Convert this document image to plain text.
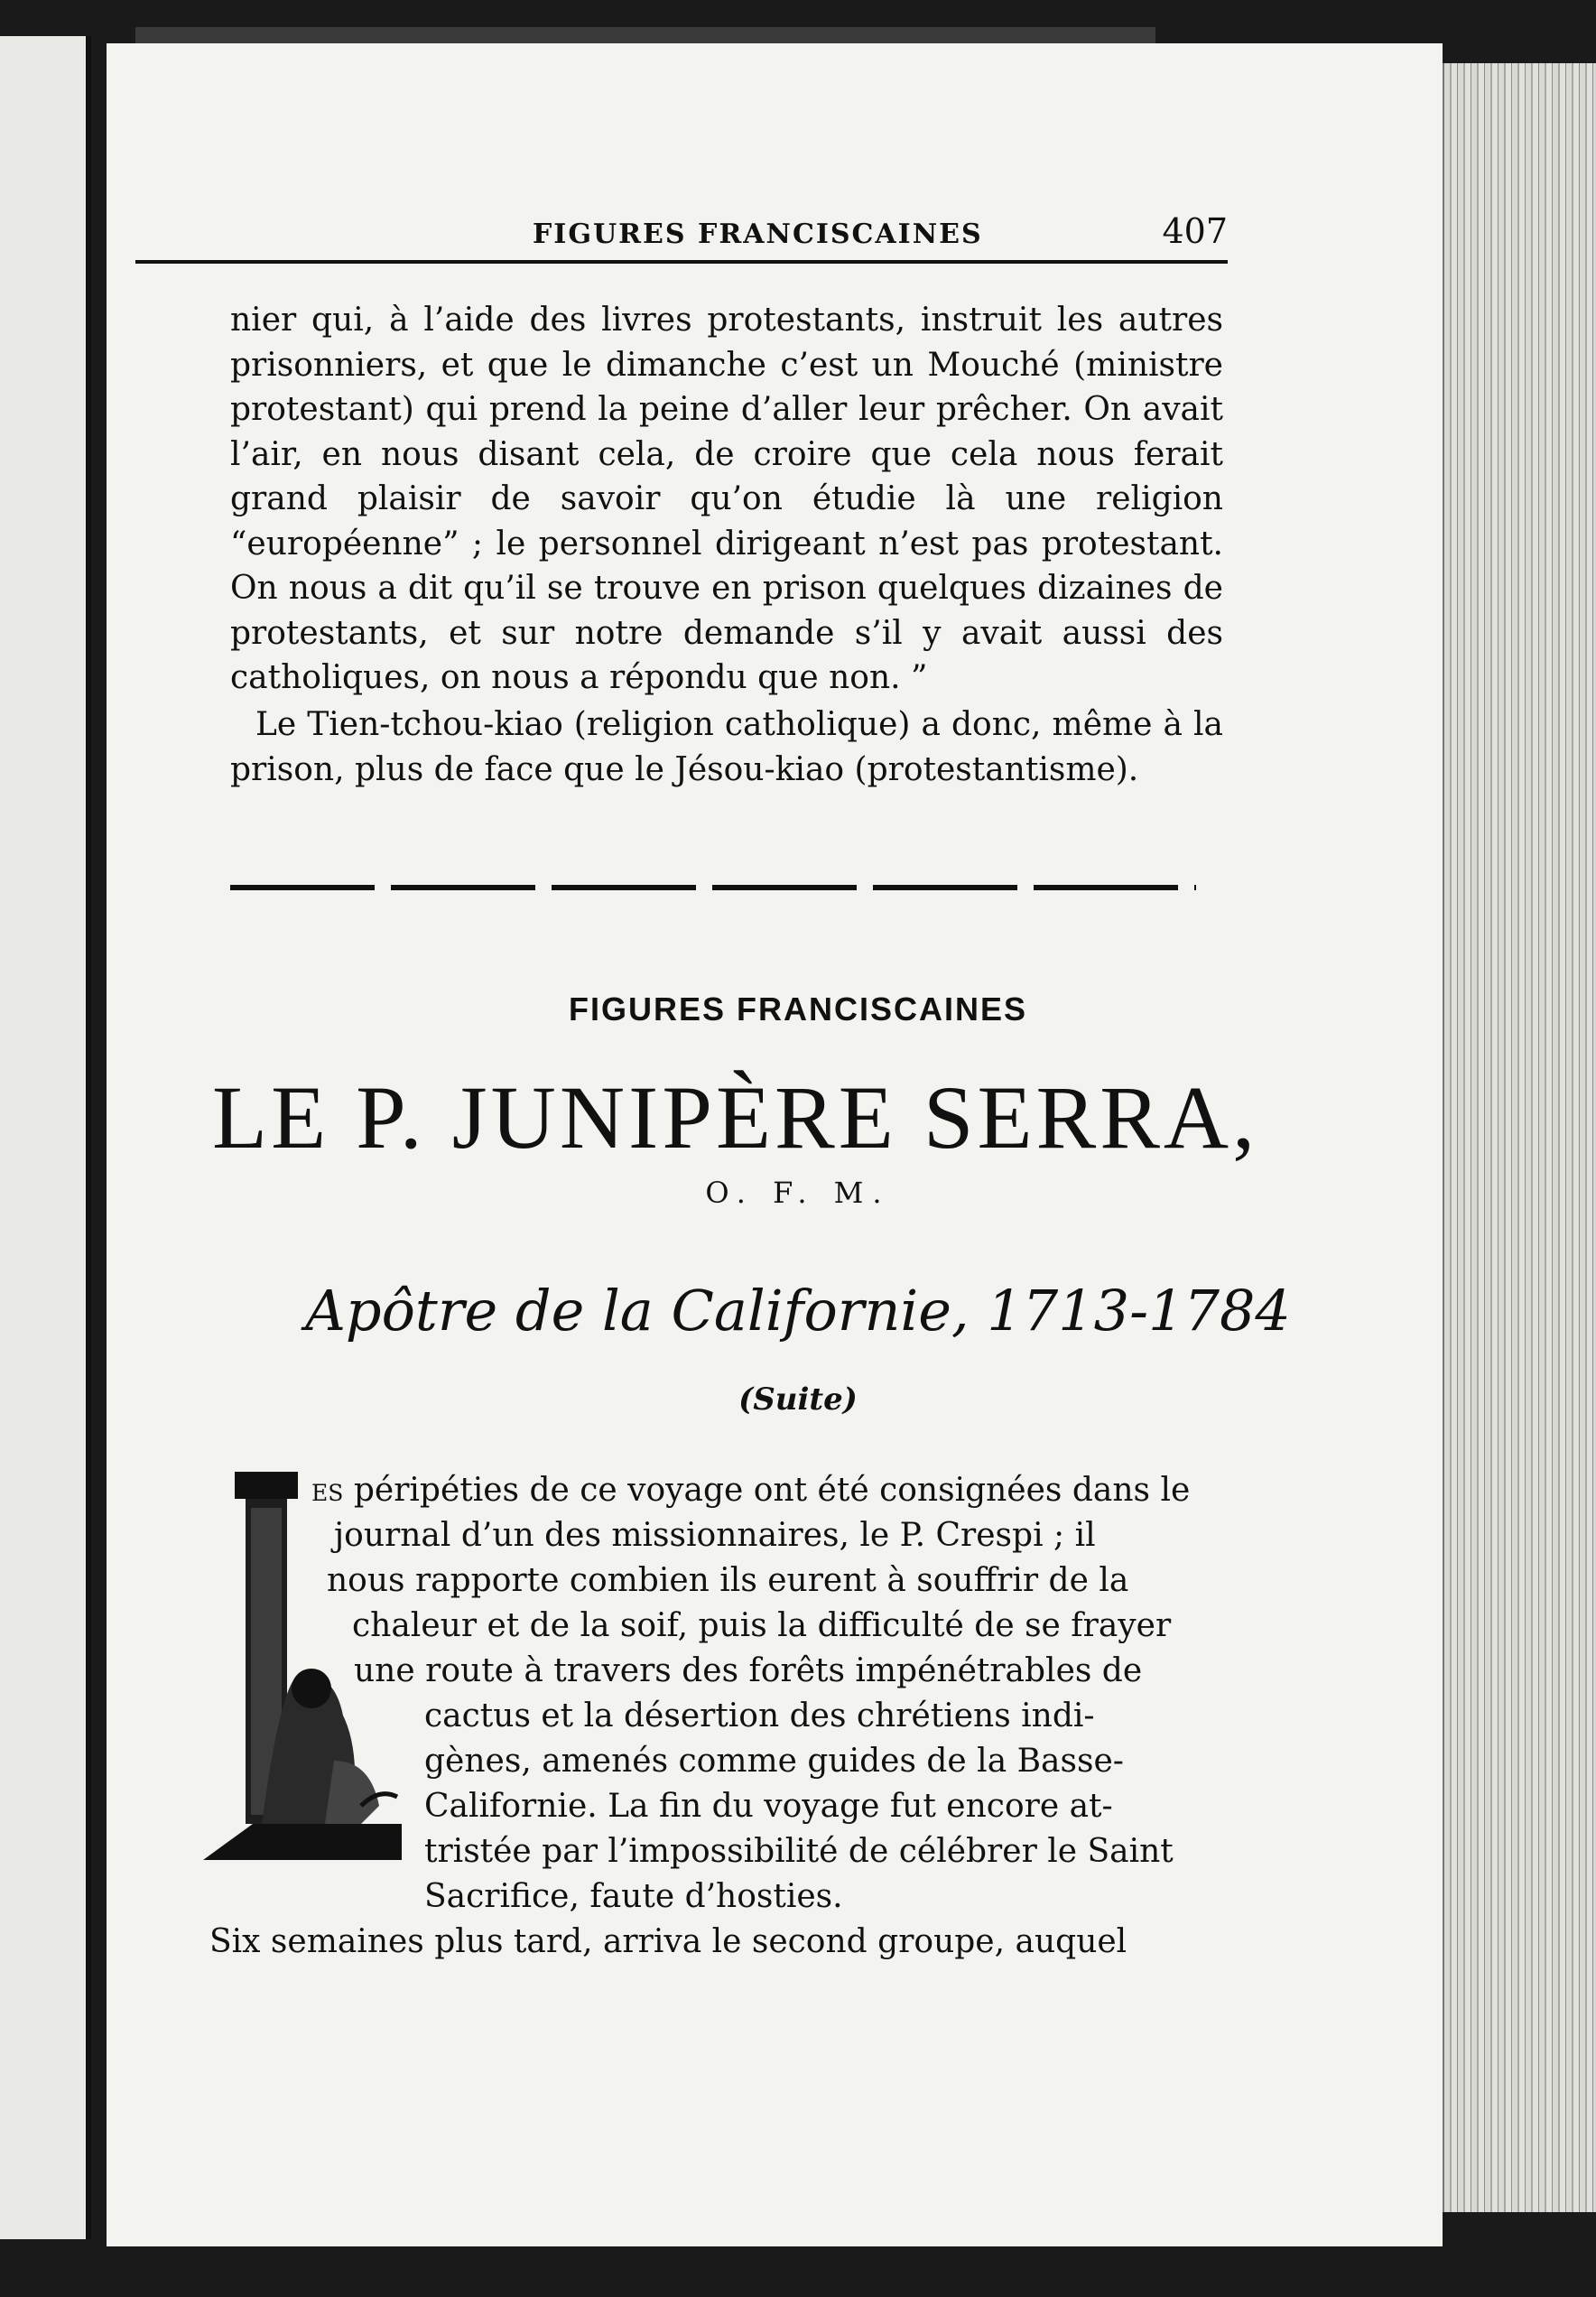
FIGURES FRANCISCAINES	407

nier qui, à l’aide des livres protestants, instruit les autres prisonniers, et que le dimanche c’est un Mouché (ministre protestant) qui prend la peine d’aller leur prêcher. On avait l’air, en nous disant cela, de croire que cela nous ferait grand plaisir de savoir qu’on étudie là une religion “européenne” ; le personnel dirigeant n’est pas protestant. On nous a dit qu’il se trouve en prison quelques dizaines de protestants, et sur notre demande s’il y avait aussi des catholiques, on nous a répondu que non. ”

Le Tien-tchou-kiao (religion catholique) a donc, même à la prison, plus de face que le Jésou-kiao (protestantisme).

FIGURES FRANCISCAINES
LE P. JUNIPÈRE SERRA,
O. F. M.
Apôtre de la Californie, 1713-1784
(Suite)
es péripéties de ce voyage ont été consignées dans le
journal d’un des missionnaires, le P. Crespi ; il
nous rapporte combien ils eurent à souffrir de la
chaleur et de la soif, puis la difficulté de se frayer
une route à travers des forêts impénétrables de
cactus et la désertion des chrétiens indi-
gènes, amenés comme guides de la Basse-
Californie. La fin du voyage fut encore at-
tristée par l’impossibilité de célébrer le Saint
Sacrifice, faute d’hosties.
Six semaines plus tard, arriva le second groupe, auquel
